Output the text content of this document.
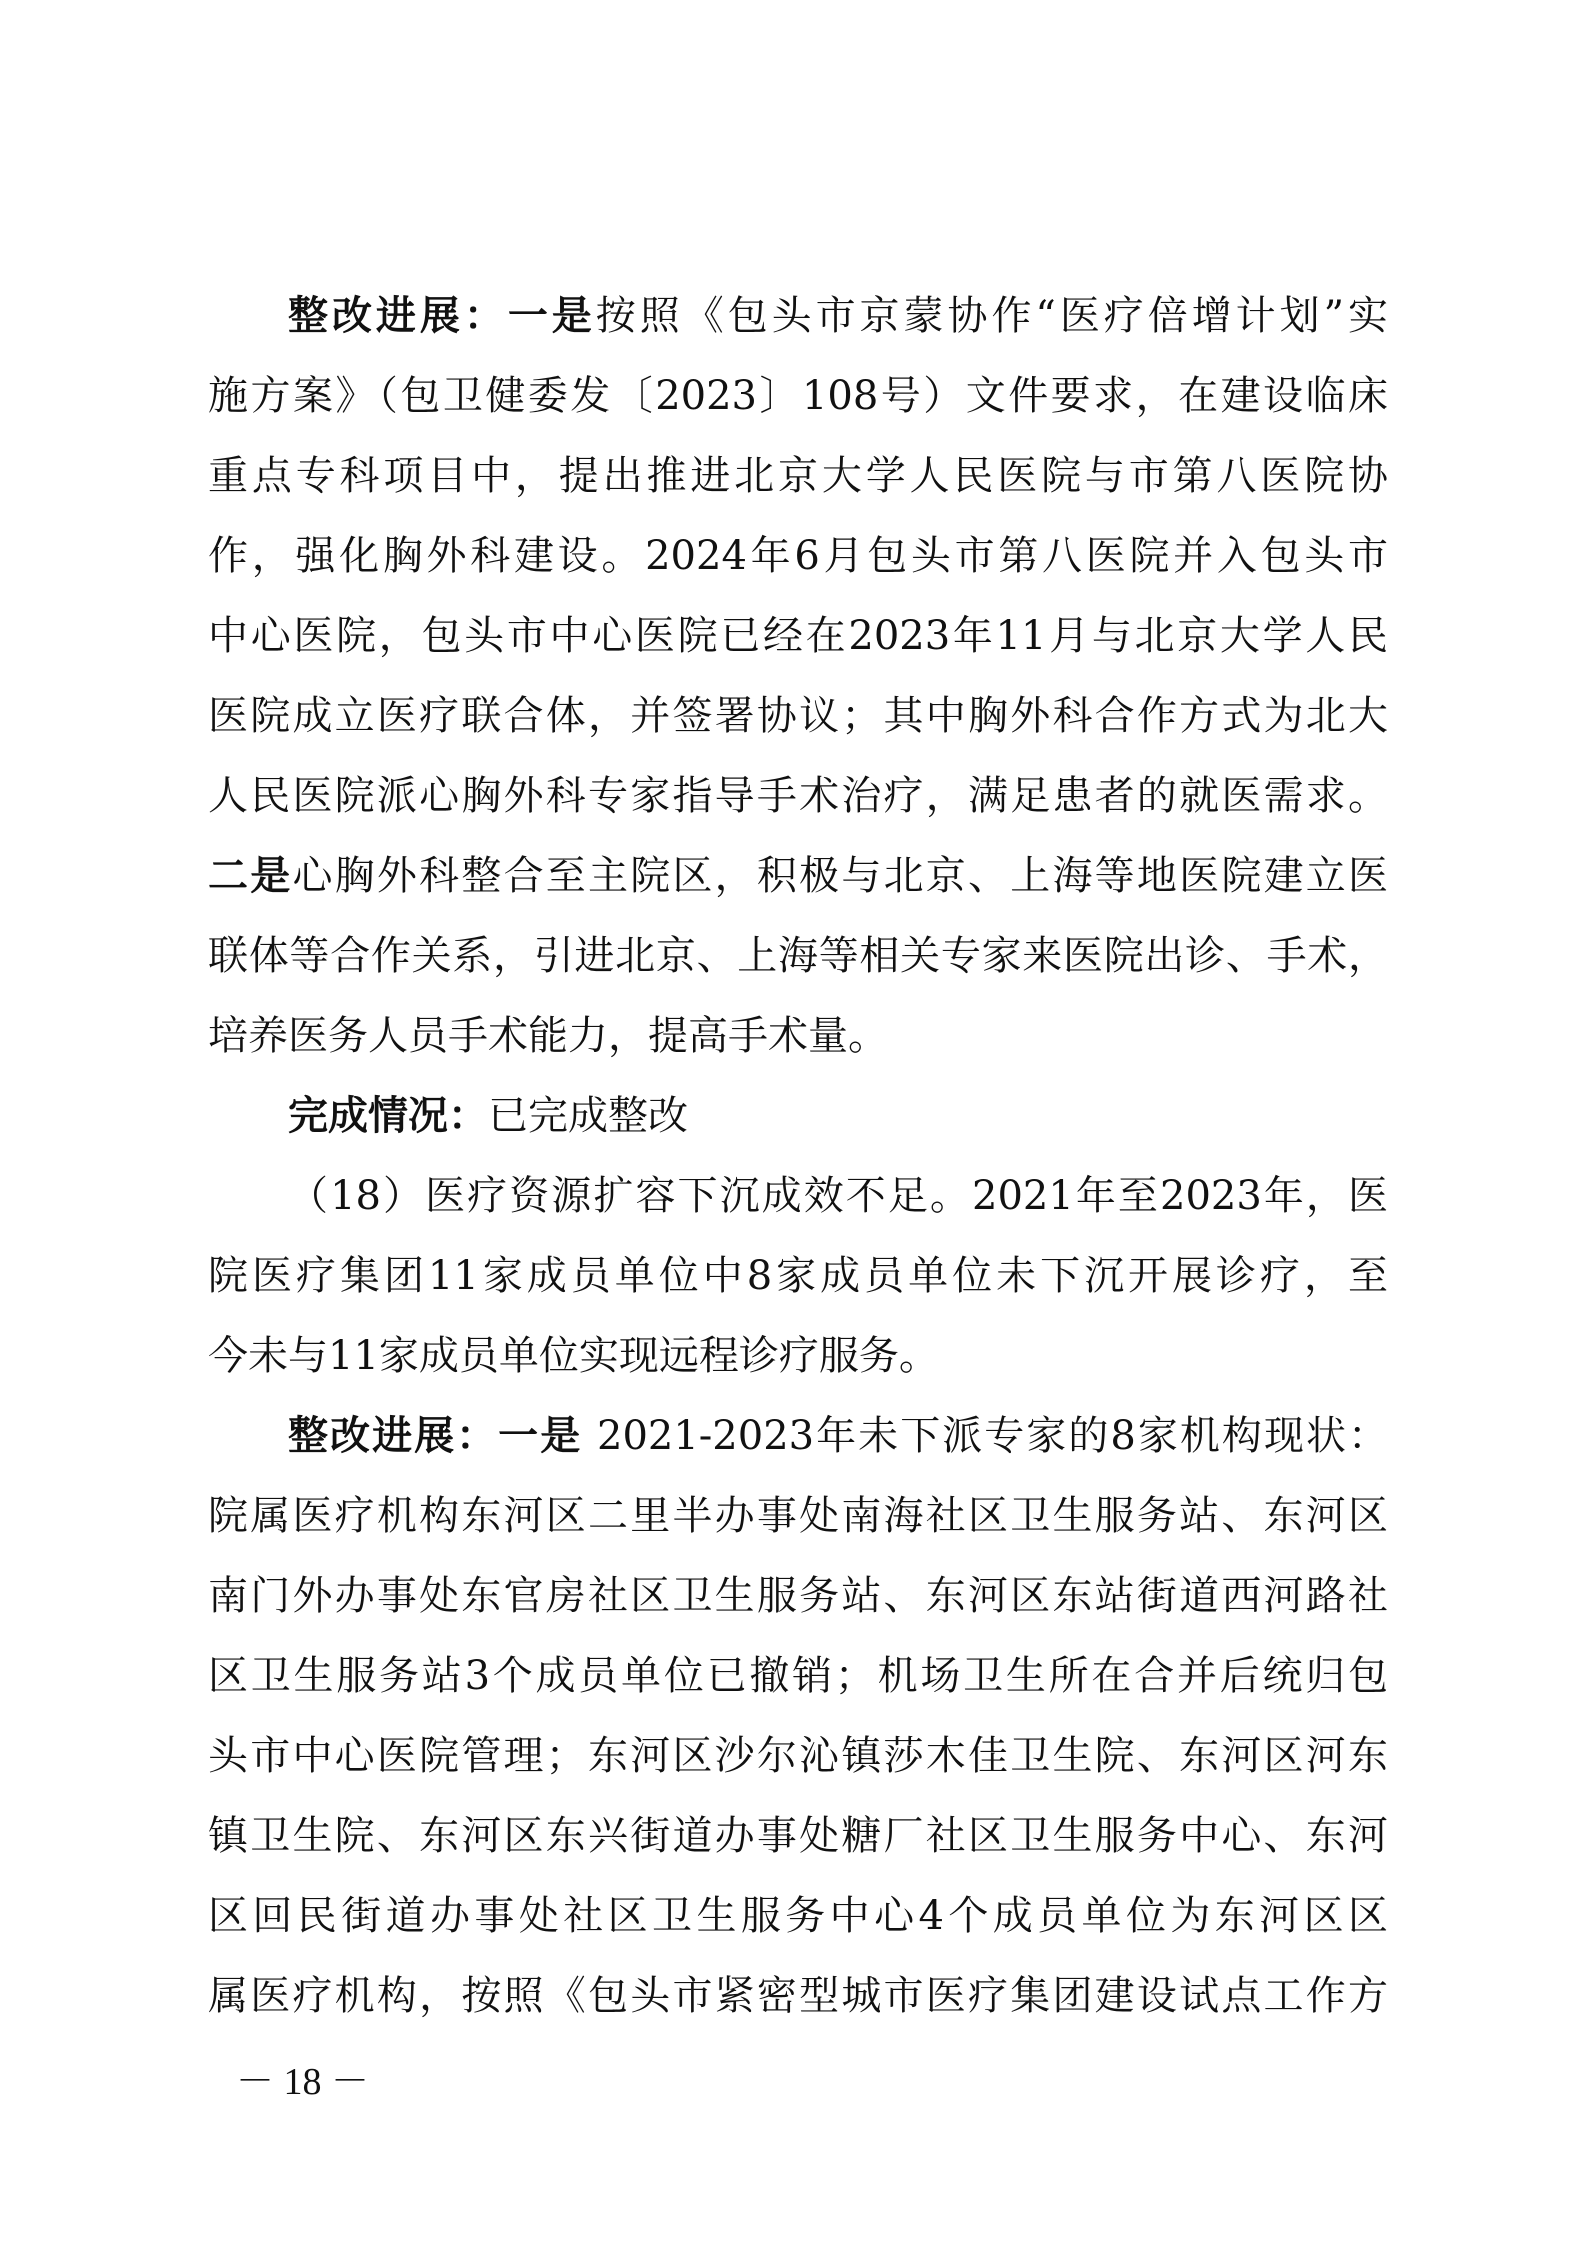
整改进展：一是按照《包头市京蒙协作“医疗倍增计划”实
施方案》（包卫健委发〔2023〕108号）文件要求，在建设临床
重点专科项目中，提出推进北京大学人民医院与市第八医院协
作，强化胸外科建设。2024年6月包头市第八医院并入包头市
中心医院，包头市中心医院已经在2023年11月与北京大学人民
医院成立医疗联合体，并签署协议；其中胸外科合作方式为北大
人民医院派心胸外科专家指导手术治疗，满足患者的就医需求。
二是心胸外科整合至主院区，积极与北京、上海等地医院建立医
联体等合作关系，引进北京、上海等相关专家来医院出诊、手术，
培养医务人员手术能力，提高手术量。
完成情况：已完成整改
（18）医疗资源扩容下沉成效不足。2021年至2023年，医
院医疗集团11家成员单位中8家成员单位未下沉开展诊疗，至
今未与11家成员单位实现远程诊疗服务。
整改进展：一是 2021-2023年未下派专家的8家机构现状：
院属医疗机构东河区二里半办事处南海社区卫生服务站、东河区
南门外办事处东官房社区卫生服务站、东河区东站街道西河路社
区卫生服务站3个成员单位已撤销；机场卫生所在合并后统归包
头市中心医院管理；东河区沙尔沁镇莎木佳卫生院、东河区河东
镇卫生院、东河区东兴街道办事处糖厂社区卫生服务中心、东河
区回民街道办事处社区卫生服务中心4个成员单位为东河区区
属医疗机构，按照《包头市紧密型城市医疗集团建设试点工作方
－ 18 －
